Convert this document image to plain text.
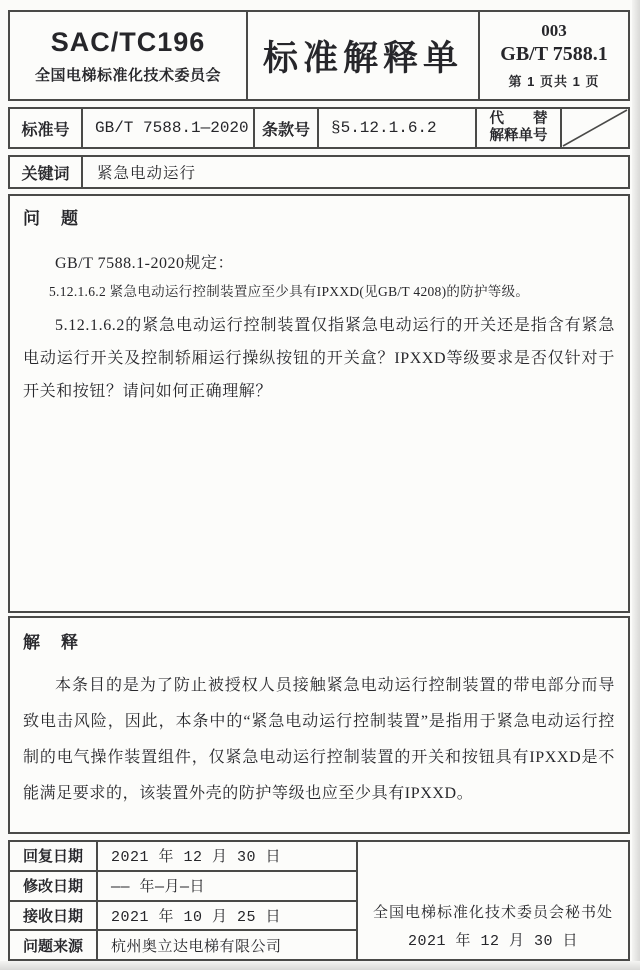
SAC/TC196
全国电梯标准化技术委员会 标准解释单
003
GB/T 7588.1
第 1 页共 1 页
标准号	GB/T 7588.1—2020 条款号	§5.12.1.6.2	代　　替
解释单号
关键词	紧急电动运行
问　题

GB/T 7588.1-2020规定：

5.12.1.6.2 紧急电动运行控制装置应至少具有IPXXD(见GB/T 4208)的防护等级。

5.12.1.6.2的紧急电动运行控制装置仅指紧急电动运行的开关还是指含有紧急电动运行开关及控制轿厢运行操纵按钮的开关盒？IPXXD等级要求是否仅针对于开关和按钮？请问如何正确理解？

解　释

本条目的是为了防止被授权人员接触紧急电动运行控制装置的带电部分而导致电击风险，因此，本条中的“紧急电动运行控制装置”是指用于紧急电动运行控制的电气操作装置组件，仅紧急电动运行控制装置的开关和按钮具有IPXXD是不能满足要求的，该装置外壳的防护等级也应至少具有IPXXD。

回复日期	2021 年 12 月 30 日
修改日期	—— 年—月—日
接收日期	2021 年 10 月 25 日
问题来源	杭州奥立达电梯有限公司
全国电梯标准化技术委员会秘书处
2021 年 12 月 30 日
